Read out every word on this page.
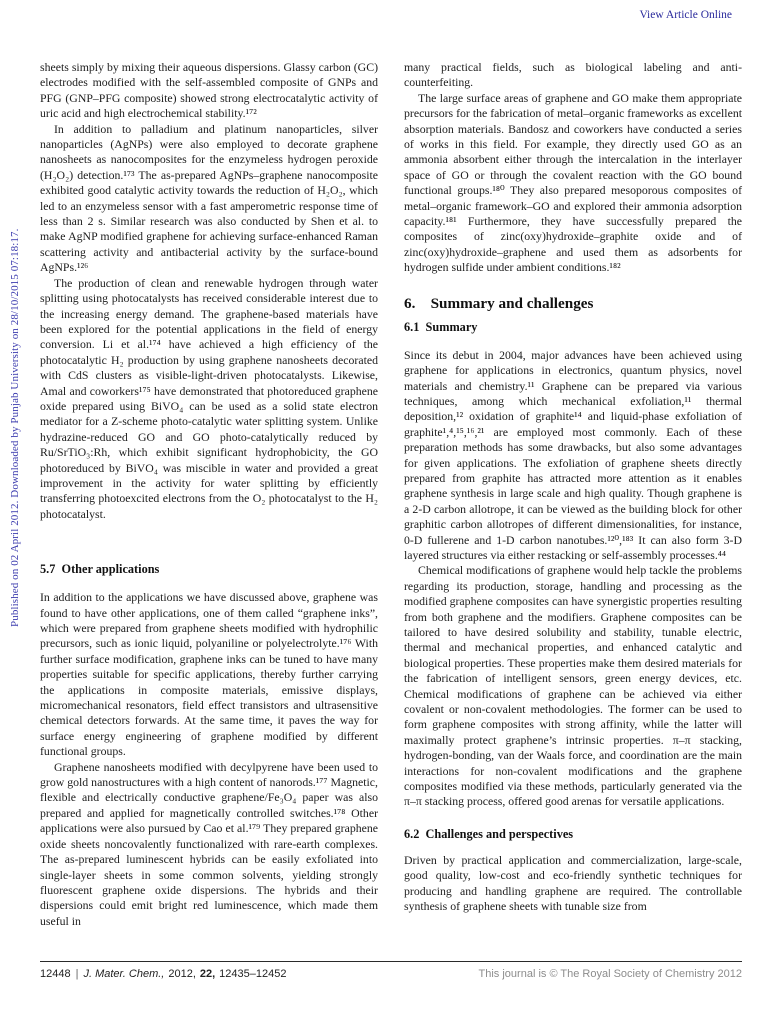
View Article Online
Published on 02 April 2012. Downloaded by Punjab University on 28/10/2015 07:18:17.

sheets simply by mixing their aqueous dispersions. Glassy carbon (GC) electrodes modified with the self-assembled composite of GNPs and PFG (GNP–PFG composite) showed strong electrocatalytic activity of uric acid and high electrochemical stability.¹⁷²

In addition to palladium and platinum nanoparticles, silver nanoparticles (AgNPs) were also employed to decorate graphene nanosheets as nanocomposites for the enzymeless hydrogen peroxide (H₂O₂) detection.¹⁷³ The as-prepared AgNPs–graphene nanocomposite exhibited good catalytic activity towards the reduction of H₂O₂, which led to an enzymeless sensor with a fast amperometric response time of less than 2 s. Similar research was also conducted by Shen et al. to make AgNP modified graphene for achieving surface-enhanced Raman scattering activity and antibacterial activity by the surface-bound AgNPs.¹²⁶

The production of clean and renewable hydrogen through water splitting using photocatalysts has received considerable interest due to the increasing energy demand. The graphene-based materials have been explored for the potential applications in the field of energy conversion. Li et al.¹⁷⁴ have achieved a high efficiency of the photocatalytic H₂ production by using graphene nanosheets decorated with CdS clusters as visible-light-driven photocatalysts. Likewise, Amal and coworkers¹⁷⁵ have demonstrated that photoreduced graphene oxide prepared using BiVO₄ can be used as a solid state electron mediator for a Z-scheme photo-catalytic water splitting system. Unlike hydrazine-reduced GO and GO photo-catalytically reduced by Ru/SrTiO₃:Rh, which exhibit significant hydrophobicity, the GO photoreduced by BiVO₄ was miscible in water and provided a great improvement in the activity for water splitting by efficiently transferring photoexcited electrons from the O₂ photocatalyst to the H₂ photocatalyst.

5.7 Other applications

In addition to the applications we have discussed above, graphene was found to have other applications, one of them called “graphene inks”, which were prepared from graphene sheets modified with hydrophilic precursors, such as ionic liquid, polyaniline or polyelectrolyte.¹⁷⁶ With further surface modification, graphene inks can be tuned to have many properties suitable for specific applications, thereby further carrying the applications in composite materials, emissive displays, micromechanical resonators, field effect transistors and ultrasensitive chemical detectors forwards. At the same time, it paves the way for surface energy engineering of graphene modified by different functional groups.

Graphene nanosheets modified with decylpyrene have been used to grow gold nanostructures with a high content of nanorods.¹⁷⁷ Magnetic, flexible and electrically conductive graphene/Fe₃O₄ paper was also prepared and applied for magnetically controlled switches.¹⁷⁸ Other applications were also pursued by Cao et al.¹⁷⁹ They prepared graphene oxide sheets noncovalently functionalized with rare-earth complexes. The as-prepared luminescent hybrids can be easily exfoliated into single-layer sheets in some common solvents, yielding strongly fluorescent graphene oxide dispersions. The hybrids and their dispersions could emit bright red luminescence, which made them useful in

many practical fields, such as biological labeling and anti-counterfeiting.

The large surface areas of graphene and GO make them appropriate precursors for the fabrication of metal–organic frameworks as excellent absorption materials. Bandosz and coworkers have conducted a series of works in this field. For example, they directly used GO as an ammonia absorbent either through the intercalation in the interlayer space of GO or through the covalent reaction with the GO bound functional groups.¹⁸⁰ They also prepared mesoporous composites of metal–organic framework–GO and explored their ammonia adsorption capacity.¹⁸¹ Furthermore, they have successfully prepared the composites of zinc(oxy)hydroxide–graphite oxide and of zinc(oxy)hydroxide–graphene and used them as adsorbents for hydrogen sulfide under ambient conditions.¹⁸²

6. Summary and challenges
6.1 Summary

Since its debut in 2004, major advances have been achieved using graphene for applications in electronics, quantum physics, novel materials and chemistry.¹¹ Graphene can be prepared via various techniques, among which mechanical exfoliation,¹¹ thermal deposition,¹² oxidation of graphite¹⁴ and liquid-phase exfoliation of graphite¹,⁴,¹⁵,¹⁶,²¹ are employed most commonly. Each of these preparation methods has some drawbacks, but also some advantages for given applications. The exfoliation of graphene sheets directly prepared from graphite has attracted more attention as it enables graphene synthesis in large scale and high quality. Though graphene is a 2-D carbon allotrope, it can be viewed as the building block for other graphitic carbon allotropes of different dimensionalities, for instance, 0-D fullerene and 1-D carbon nanotubes.¹²⁰,¹⁸³ It can also form 3-D layered structures via either restacking or self-assembly processes.⁴⁴

Chemical modifications of graphene would help tackle the problems regarding its production, storage, handling and processing as the modified graphene composites can have synergistic properties resulting from both graphene and the modifiers. Graphene composites can be tailored to have desired solubility and stability, tunable electric, thermal and mechanical properties, and enhanced catalytic and biological properties. These properties make them desired materials for the fabrication of intelligent sensors, green energy devices, etc. Chemical modifications of graphene can be achieved via either covalent or non-covalent methodologies. The former can be used to form graphene composites with strong affinity, while the latter will maximally protect graphene’s intrinsic properties. π–π stacking, hydrogen-bonding, van der Waals force, and coordination are the main interactions for non-covalent modifications and the graphene composites modified via these methods, particularly generated via the π–π stacking process, offered good arenas for versatile applications.

6.2 Challenges and perspectives

Driven by practical application and commercialization, large-scale, good quality, low-cost and eco-friendly synthetic techniques for producing and handling graphene are required. The controllable synthesis of graphene sheets with tunable size from

12448 | J. Mater. Chem., 2012, 22, 12435–12452	This journal is © The Royal Society of Chemistry 2012
